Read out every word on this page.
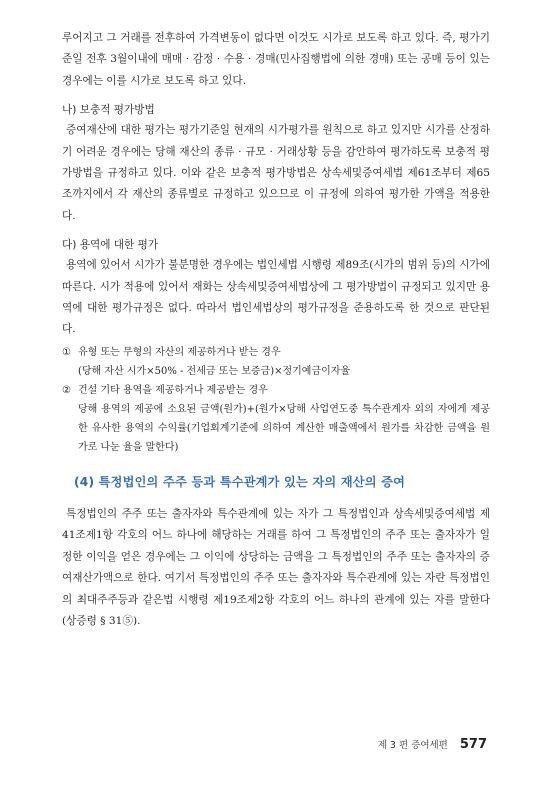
루어지고 그 거래를 전후하여 가격변동이 없다면 이것도 시가로 보도록 하고 있다. 즉, 평가기준일 전후 3월이내에 매매 · 감정 · 수용 · 경매(민사집행법에 의한 경매) 또는 공매 등이 있는 경우에는 이를 시가로 보도록 하고 있다.

나) 보충적 평가방법

증여재산에 대한 평가는 평가기준일 현재의 시가평가를 원칙으로 하고 있지만 시가를 산정하기 어려운 경우에는 당해 재산의 종류 · 규모 · 거래상황 등을 감안하여 평가하도록 보충적 평가방법을 규정하고 있다. 이와 같은 보충적 평가방법은 상속세및증여세법 제61조부터 제65조까지에서 각 재산의 종류별로 규정하고 있으므로 이 규정에 의하여 평가한 가액을 적용한다.

다) 용역에 대한 평가

용역에 있어서 시가가 불분명한 경우에는 법인세법 시행령 제89조(시가의 범위 등)의 시가에 따른다. 시가 적용에 있어서 재화는 상속세및증여세법상에 그 평가방법이 규정되고 있지만 용역에 대한 평가규정은 없다. 따라서 법인세법상의 평가규정을 준용하도록 한 것으로 판단된다.

① 유형 또는 무형의 자산의 제공하거나 받는 경우
(당해 자산 시가×50% - 전세금 또는 보증금)×정기예금이자율
② 건설 기타 용역을 제공하거나 제공받는 경우
당해 용역의 제공에 소요된 금액(원가)+(원가×당해 사업연도중 특수관계자 외의 자에게 제공한 유사한 용역의 수익률(기업회계기준에 의하여 계산한 매출액에서 원가를 차감한 금액을 원가로 나눈 율을 말한다)
(4) 특정법인의 주주 등과 특수관계가 있는 자의 재산의 증여

특정법인의 주주 또는 출자자와 특수관계에 있는 자가 그 특정법인과 상속세및증여세법 제41조제1항 각호의 어느 하나에 해당하는 거래를 하여 그 특정법인의 주주 또는 출자자가 일정한 이익을 얻은 경우에는 그 이익에 상당하는 금액을 그 특정법인의 주주 또는 출자자의 증여재산가액으로 한다. 여기서 특정법인의 주주 또는 출자자와 특수관계에 있는 자란 특정법인의 최대주주등과 같은법 시행령 제19조제2항 각호의 어느 하나의 관계에 있는 자를 말한다(상증령 § 31⑤).

제 3 편 증여세편 577
